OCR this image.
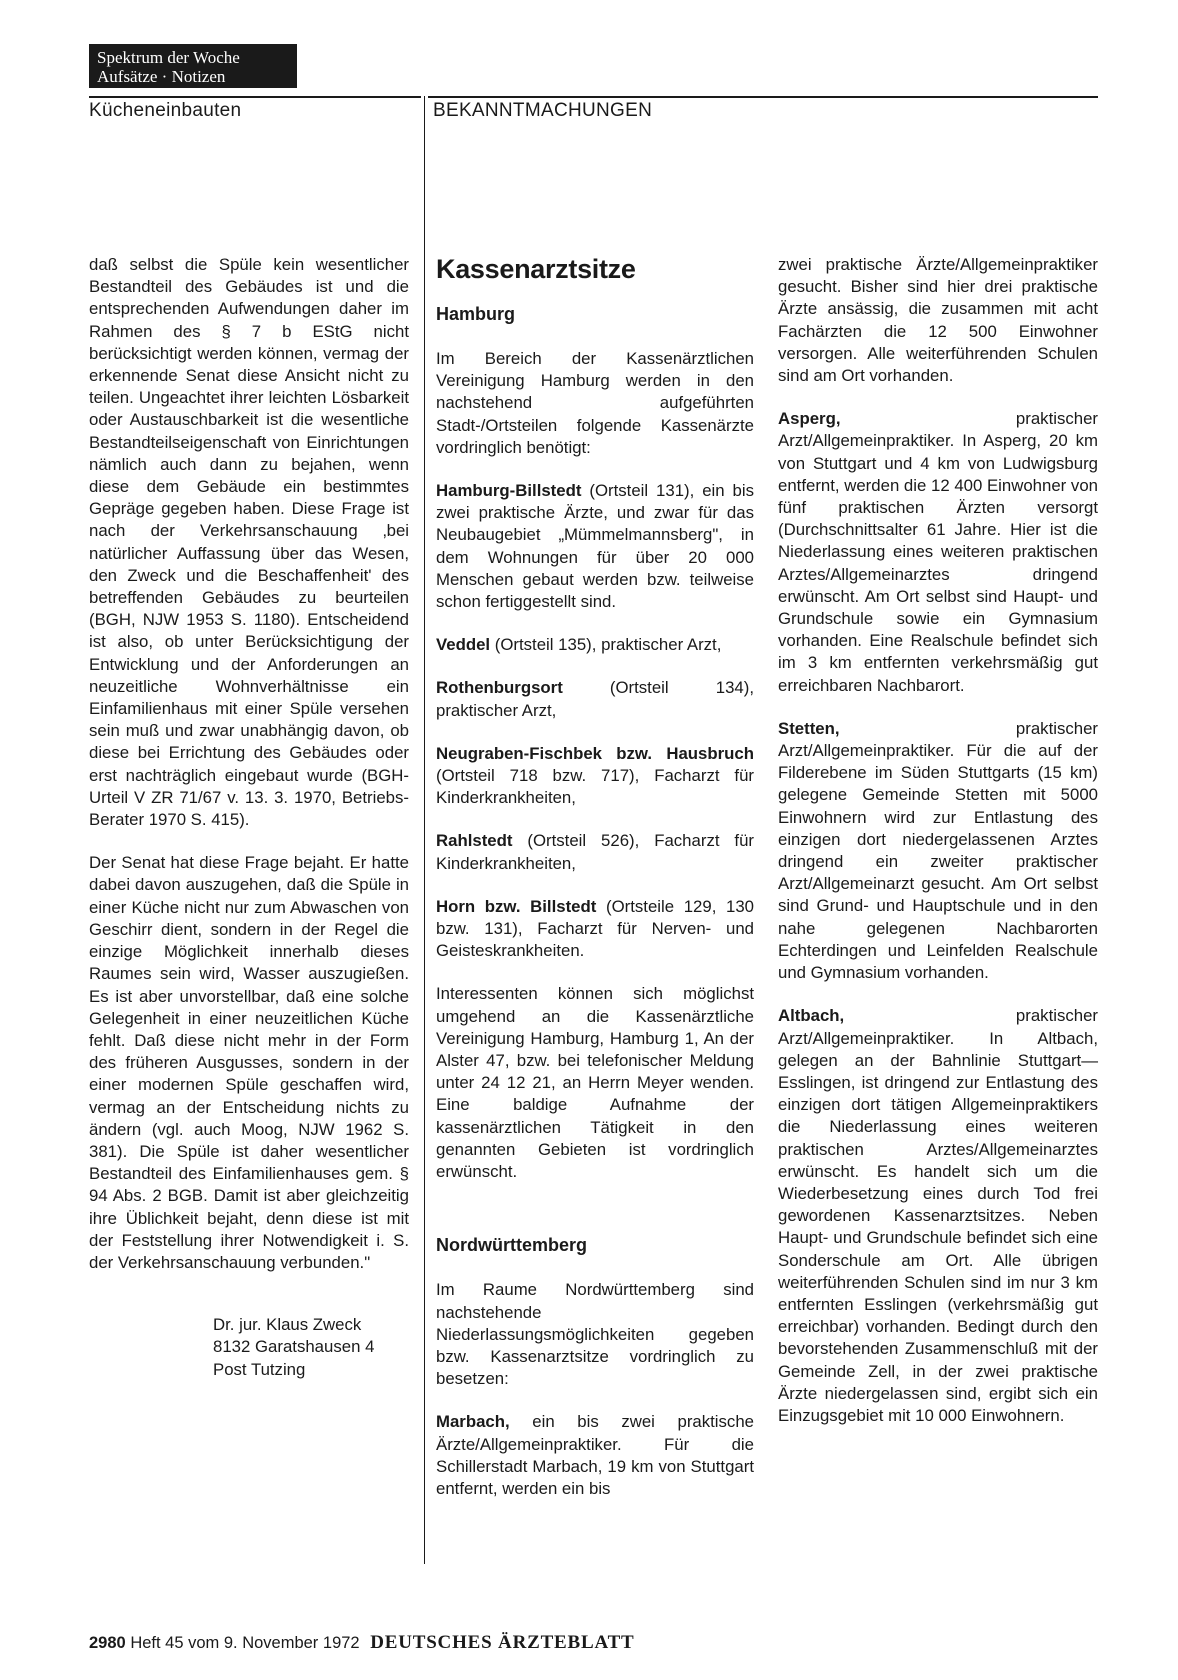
Spektrum der Woche
Aufsätze · Notizen
Kücheneinbauten	BEKANNTMACHUNGEN

daß selbst die Spüle kein wesentlicher Bestandteil des Gebäudes ist und die entsprechenden Aufwendungen daher im Rahmen des § 7 b EStG nicht berücksichtigt werden können, vermag der erkennende Senat diese Ansicht nicht zu teilen. Ungeachtet ihrer leichten Lösbarkeit oder Austauschbarkeit ist die wesentliche Bestandteilseigenschaft von Einrichtungen nämlich auch dann zu bejahen, wenn diese dem Gebäude ein bestimmtes Gepräge gegeben haben. Diese Frage ist nach der Verkehrsanschauung ‚bei natürlicher Auffassung über das Wesen, den Zweck und die Beschaffenheit' des betreffenden Gebäudes zu beurteilen (BGH, NJW 1953 S. 1180). Entscheidend ist also, ob unter Berücksichtigung der Entwicklung und der Anforderungen an neuzeitliche Wohnverhältnisse ein Einfamilienhaus mit einer Spüle versehen sein muß und zwar unabhängig davon, ob diese bei Errichtung des Gebäudes oder erst nachträglich eingebaut wurde (BGH-Urteil V ZR 71/67 v. 13. 3. 1970, Betriebs-Berater 1970 S. 415).

Der Senat hat diese Frage bejaht. Er hatte dabei davon auszugehen, daß die Spüle in einer Küche nicht nur zum Abwaschen von Geschirr dient, sondern in der Regel die einzige Möglichkeit innerhalb dieses Raumes sein wird, Wasser auszugießen. Es ist aber unvorstellbar, daß eine solche Gelegenheit in einer neuzeitlichen Küche fehlt. Daß diese nicht mehr in der Form des früheren Ausgusses, sondern in der einer modernen Spüle geschaffen wird, vermag an der Entscheidung nichts zu ändern (vgl. auch Moog, NJW 1962 S. 381). Die Spüle ist daher wesentlicher Bestandteil des Einfamilienhauses gem. § 94 Abs. 2 BGB. Damit ist aber gleichzeitig ihre Üblichkeit bejaht, denn diese ist mit der Feststellung ihrer Notwendigkeit i. S. der Verkehrsanschauung verbunden."

Dr. jur. Klaus Zweck
8132 Garatshausen 4
Post Tutzing
Kassenarztsitze
Hamburg

Im Bereich der Kassenärztlichen Vereinigung Hamburg werden in den nachstehend aufgeführten Stadt-/Ortsteilen folgende Kassenärzte vordringlich benötigt:

Hamburg-Billstedt (Ortsteil 131), ein bis zwei praktische Ärzte, und zwar für das Neubaugebiet „Mümmelmannsberg", in dem Wohnungen für über 20 000 Menschen gebaut werden bzw. teilweise schon fertiggestellt sind.

Veddel (Ortsteil 135), praktischer Arzt,

Rothenburgsort (Ortsteil 134), praktischer Arzt,

Neugraben-Fischbek bzw. Hausbruch (Ortsteil 718 bzw. 717), Facharzt für Kinderkrankheiten,

Rahlstedt (Ortsteil 526), Facharzt für Kinderkrankheiten,

Horn bzw. Billstedt (Ortsteile 129, 130 bzw. 131), Facharzt für Nerven- und Geisteskrankheiten.

Interessenten können sich möglichst umgehend an die Kassenärztliche Vereinigung Hamburg, Hamburg 1, An der Alster 47, bzw. bei telefonischer Meldung unter 24 12 21, an Herrn Meyer wenden. Eine baldige Aufnahme der kassenärztlichen Tätigkeit in den genannten Gebieten ist vordringlich erwünscht.

Nordwürttemberg

Im Raume Nordwürttemberg sind nachstehende Niederlassungsmöglichkeiten gegeben bzw. Kassenarztsitze vordringlich zu besetzen:

Marbach, ein bis zwei praktische Ärzte/Allgemeinpraktiker. Für die Schillerstadt Marbach, 19 km von Stuttgart entfernt, werden ein bis

zwei praktische Ärzte/Allgemeinpraktiker gesucht. Bisher sind hier drei praktische Ärzte ansässig, die zusammen mit acht Fachärzten die 12 500 Einwohner versorgen. Alle weiterführenden Schulen sind am Ort vorhanden.

Asperg, praktischer Arzt/Allgemeinpraktiker. In Asperg, 20 km von Stuttgart und 4 km von Ludwigsburg entfernt, werden die 12 400 Einwohner von fünf praktischen Ärzten versorgt (Durchschnittsalter 61 Jahre. Hier ist die Niederlassung eines weiteren praktischen Arztes/Allgemeinarztes dringend erwünscht. Am Ort selbst sind Haupt- und Grundschule sowie ein Gymnasium vorhanden. Eine Realschule befindet sich im 3 km entfernten verkehrsmäßig gut erreichbaren Nachbarort.

Stetten, praktischer Arzt/Allgemeinpraktiker. Für die auf der Filderebene im Süden Stuttgarts (15 km) gelegene Gemeinde Stetten mit 5000 Einwohnern wird zur Entlastung des einzigen dort niedergelassenen Arztes dringend ein zweiter praktischer Arzt/Allgemeinarzt gesucht. Am Ort selbst sind Grund- und Hauptschule und in den nahe gelegenen Nachbarorten Echterdingen und Leinfelden Realschule und Gymnasium vorhanden.

Altbach, praktischer Arzt/Allgemeinpraktiker. In Altbach, gelegen an der Bahnlinie Stuttgart—Esslingen, ist dringend zur Entlastung des einzigen dort tätigen Allgemeinpraktikers die Niederlassung eines weiteren praktischen Arztes/Allgemeinarztes erwünscht. Es handelt sich um die Wiederbesetzung eines durch Tod frei gewordenen Kassenarztsitzes. Neben Haupt- und Grundschule befindet sich eine Sonderschule am Ort. Alle übrigen weiterführenden Schulen sind im nur 3 km entfernten Esslingen (verkehrsmäßig gut erreichbar) vorhanden. Bedingt durch den bevorstehenden Zusammenschluß mit der Gemeinde Zell, in der zwei praktische Ärzte niedergelassen sind, ergibt sich ein Einzugsgebiet mit 10 000 Einwohnern.

2980 Heft 45 vom 9. November 1972 DEUTSCHES ÄRZTEBLATT
